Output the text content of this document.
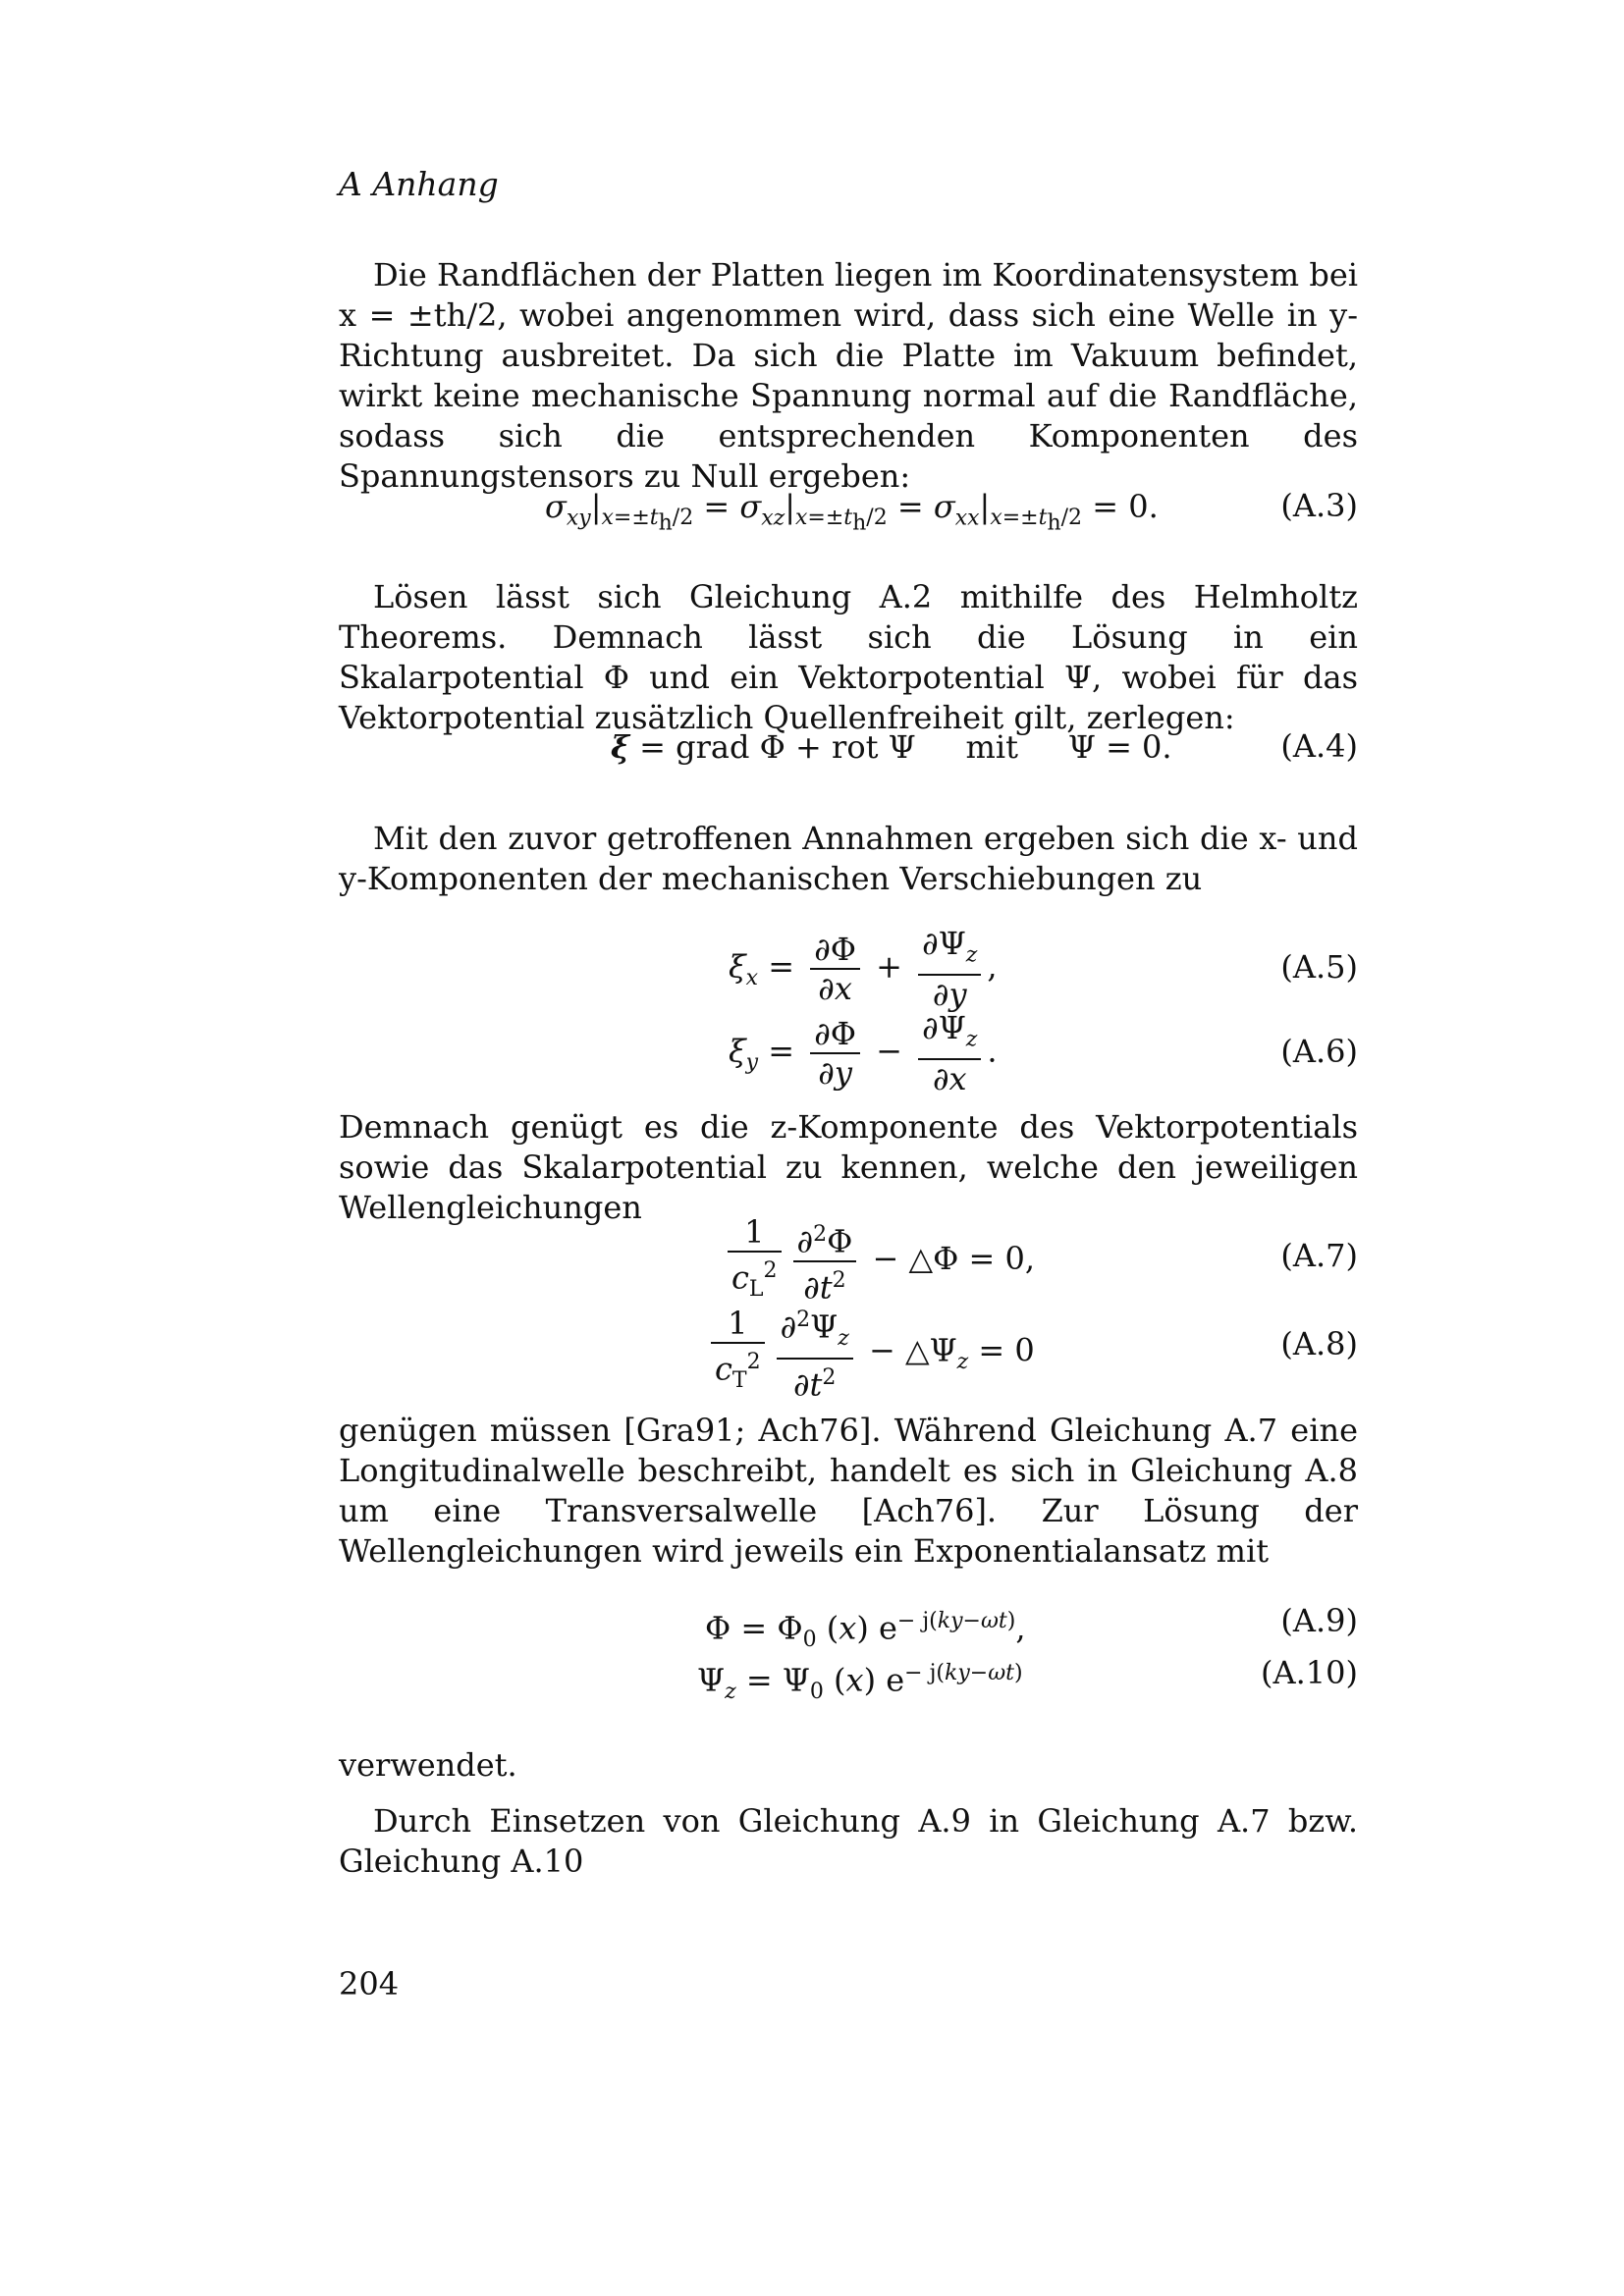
A Anhang
Die Randflächen der Platten liegen im Koordinatensystem bei x = ±th/2, wobei angenommen wird, dass sich eine Welle in y-Richtung ausbreitet. Da sich die Platte im Vakuum befindet, wirkt keine mechanische Spannung normal auf die Randfläche, sodass sich die entsprechenden Komponenten des Spannungstensors zu Null ergeben:
$\sigma_{xy}|_{x=\pm t_h/2} = \sigma_{xz}|_{x=\pm t_h/2} = \sigma_{xx}|_{x=\pm t_h/2} = 0$.	(A.3)
Lösen lässt sich Gleichung A.2 mithilfe des Helmholtz Theorems. Demnach lässt sich die Lösung in ein Skalarpotential Φ und ein Vektorpotential Ψ, wobei für das Vektorpotential zusätzlich Quellenfreiheit gilt, zerlegen:
ξ = grad Φ + rot Ψ     mit     Ψ = 0.	(A.4)
Mit den zuvor getroffenen Annahmen ergeben sich die x- und y-Komponenten der mechanischen Verschiebungen zu
$\xi_x = \frac{\partial\Phi}{\partial x} + \frac{\partial\Psi_z}{\partial y}$ ,	(A.5)
$\xi_y = \frac{\partial\Phi}{\partial y} - \frac{\partial\Psi_z}{\partial x}$ .	(A.6)
Demnach genügt es die z-Komponente des Vektorpotentials sowie das Skalarpotential zu kennen, welche den jeweiligen Wellengleichungen
$\frac{1}{c_L^2} \frac{\partial^2\Phi}{\partial t^2}$ − △Φ = 0,	(A.7)
$\frac{1}{c_T^2} \frac{\partial^2\Psi_z}{\partial t^2}$ − $\triangle\Psi_z = 0$	(A.8)
genügen müssen [Gra91; Ach76]. Während Gleichung A.7 eine Longitudinalwelle beschreibt, handelt es sich in Gleichung A.8 um eine Transversalwelle [Ach76]. Zur Lösung der Wellengleichungen wird jeweils ein Exponentialansatz mit
$\Phi = \Phi_0$ (x) $e^{- j(ky-\omega t)}$,	(A.9)
$\Psi_z = \Psi_0$ (x) $e^{- j(ky-\omega t)}$	(A.10)
verwendet.
Durch Einsetzen von Gleichung A.9 in Gleichung A.7 bzw. Gleichung A.10
204
